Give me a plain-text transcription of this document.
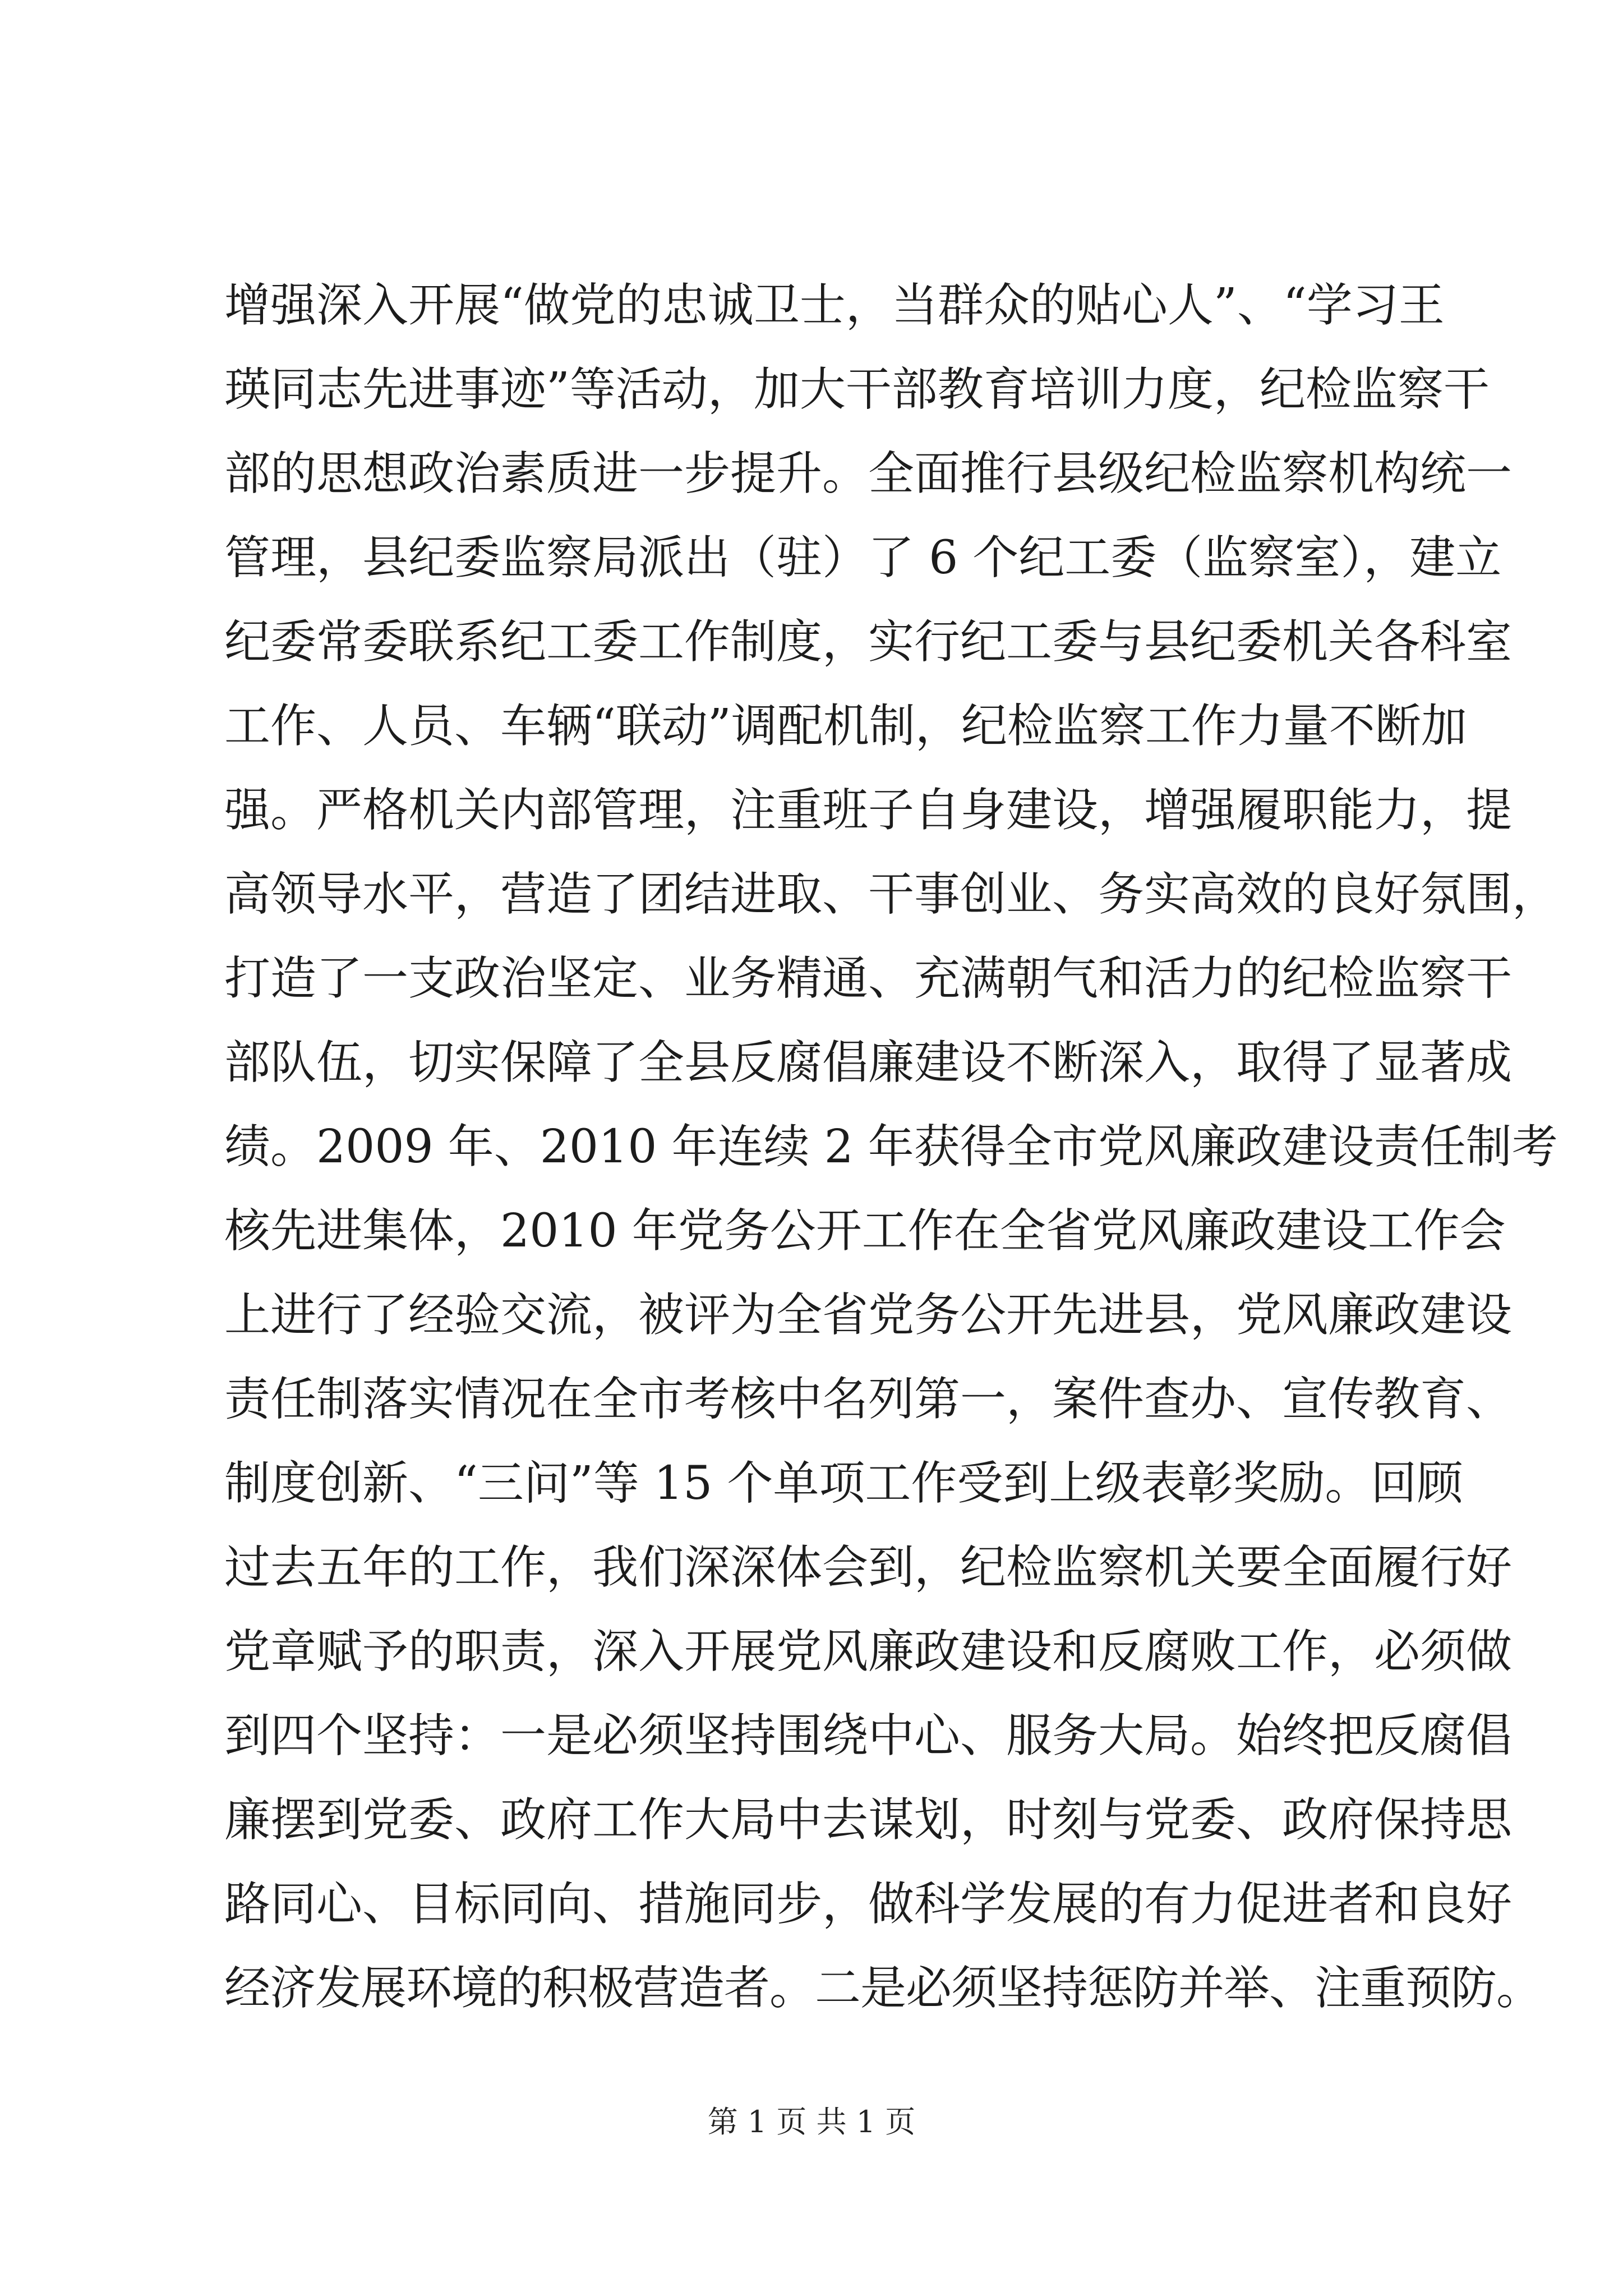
增强深入开展“做党的忠诚卫士，当群众的贴心人”、“学习王
瑛同志先进事迹”等活动，加大干部教育培训力度，纪检监察干
部的思想政治素质进一步提升。全面推行县级纪检监察机构统一
管理，县纪委监察局派出（驻）了 6 个纪工委（监察室），建立
纪委常委联系纪工委工作制度，实行纪工委与县纪委机关各科室
工作、人员、车辆“联动”调配机制，纪检监察工作力量不断加
强。严格机关内部管理，注重班子自身建设，增强履职能力，提
高领导水平，营造了团结进取、干事创业、务实高效的良好氛围，
打造了一支政治坚定、业务精通、充满朝气和活力的纪检监察干
部队伍，切实保障了全县反腐倡廉建设不断深入，取得了显著成
绩。2009 年、2010 年连续 2 年获得全市党风廉政建设责任制考
核先进集体，2010 年党务公开工作在全省党风廉政建设工作会
上进行了经验交流，被评为全省党务公开先进县，党风廉政建设
责任制落实情况在全市考核中名列第一，案件查办、宣传教育、
制度创新、“三问”等 15 个单项工作受到上级表彰奖励。回顾
过去五年的工作，我们深深体会到，纪检监察机关要全面履行好
党章赋予的职责，深入开展党风廉政建设和反腐败工作，必须做
到四个坚持：一是必须坚持围绕中心、服务大局。始终把反腐倡
廉摆到党委、政府工作大局中去谋划，时刻与党委、政府保持思
路同心、目标同向、措施同步，做科学发展的有力促进者和良好
经济发展环境的积极营造者。二是必须坚持惩防并举、注重预防。
第 1 页 共 1 页
